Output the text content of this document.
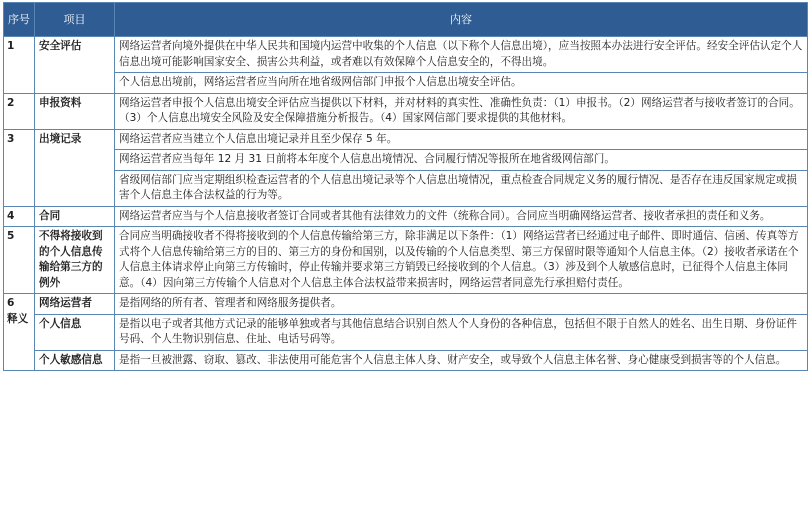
序号	项目	内容
1	安全评估	网络运营者向境外提供在中华人民共和国境内运营中收集的个人信息（以下称个人信息出境），应当按照本办法进行安全评估。经安全评估认定个人信息出境可能影响国家安全、损害公共利益，或者难以有效保障个人信息安全的，不得出境。
		个人信息出境前，网络运营者应当向所在地省级网信部门申报个人信息出境安全评估。
2	申报资料	网络运营者申报个人信息出境安全评估应当提供以下材料，并对材料的真实性、准确性负责：（1）申报书。（2）网络运营者与接收者签订的合同。（3）个人信息出境安全风险及安全保障措施分析报告。（4）国家网信部门要求提供的其他材料。
3	出境记录	网络运营者应当建立个人信息出境记录并且至少保存 5 年。
		网络运营者应当每年 12 月 31 日前将本年度个人信息出境情况、合同履行情况等报所在地省级网信部门。
		省级网信部门应当定期组织检查运营者的个人信息出境记录等个人信息出境情况，重点检查合同规定义务的履行情况、是否存在违反国家规定或损害个人信息主体合法权益的行为等。
4	合同	网络运营者应当与个人信息接收者签订合同或者其他有法律效力的文件（统称合同）。合同应当明确网络运营者、接收者承担的责任和义务。
5	不得将接收到的个人信息传输给第三方的例外	合同应当明确接收者不得将接收到的个人信息传输给第三方，除非满足以下条件：（1）网络运营者已经通过电子邮件、即时通信、信函、传真等方式将个人信息传输给第三方的目的、第三方的身份和国别，以及传输的个人信息类型、第三方保留时限等通知个人信息主体。（2）接收者承诺在个人信息主体请求停止向第三方传输时，停止传输并要求第三方销毁已经接收到的个人信息。（3）涉及到个人敏感信息时，已征得个人信息主体同意。（4）因向第三方传输个人信息对个人信息主体合法权益带来损害时，网络运营者同意先行承担赔付责任。
6
释义	网络运营者	是指网络的所有者、管理者和网络服务提供者。
	个人信息	是指以电子或者其他方式记录的能够单独或者与其他信息结合识别自然人个人身份的各种信息，包括但不限于自然人的姓名、出生日期、身份证件号码、个人生物识别信息、住址、电话号码等。
	个人敏感信息	是指一旦被泄露、窃取、篡改、非法使用可能危害个人信息主体人身、财产安全，或导致个人信息主体名誉、身心健康受到损害等的个人信息。
